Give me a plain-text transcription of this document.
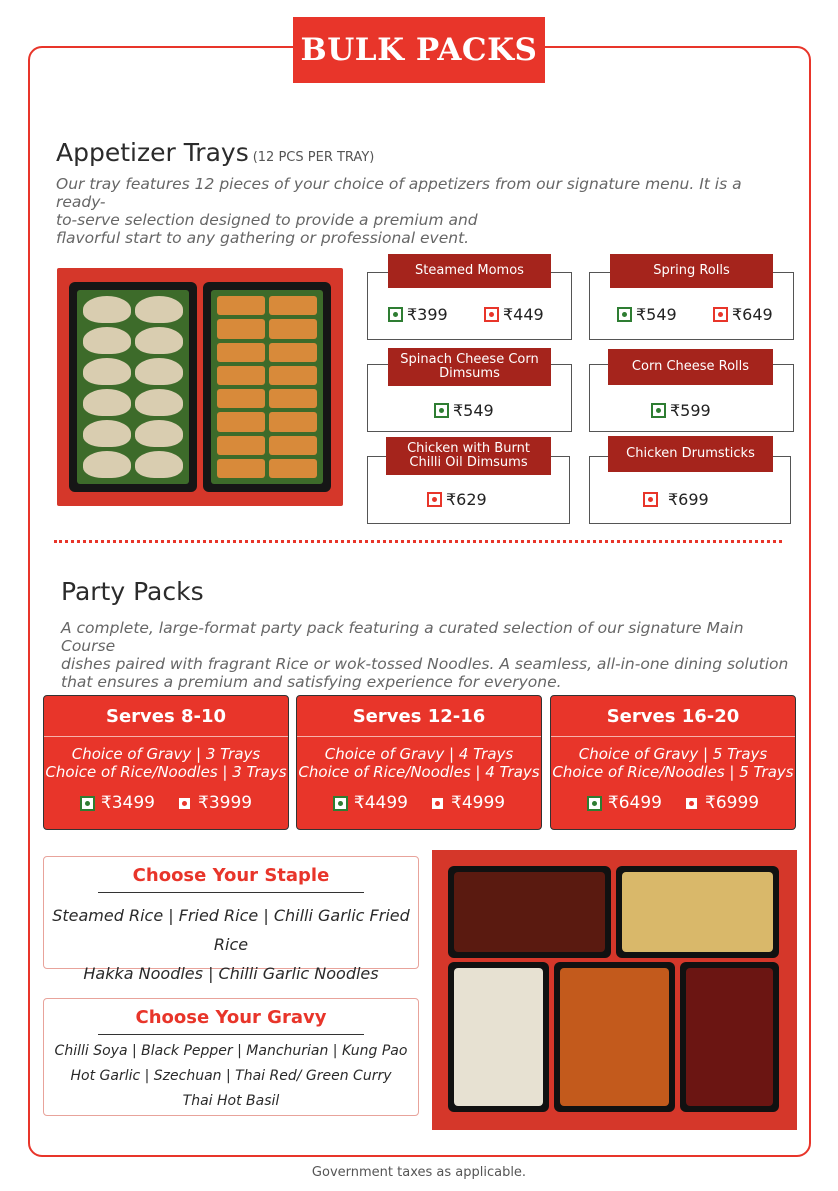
BULK PACKS
Appetizer Trays (12 PCS PER TRAY)
Our tray features 12 pieces of your choice of appetizers from our signature menu. It is a ready-
to-serve selection designed to provide a premium and
flavorful start to any gathering or professional event.
Steamed Momos
₹399	₹449
Spring Rolls
₹549	₹649
Spinach Cheese Corn
Dimsums
₹549
Corn Cheese Rolls
₹599
Chicken with Burnt
Chilli Oil Dimsums
₹629
Chicken Drumsticks
₹699
Party Packs
A complete, large-format party pack featuring a curated selection of our signature Main Course
dishes paired with fragrant Rice or wok-tossed Noodles. A seamless, all-in-one dining solution
that ensures a premium and satisfying experience for everyone.
Serves 8-10
Choice of Gravy | 3 Trays
Choice of Rice/Noodles | 3 Trays
₹3499	₹3999
Serves 12-16
Choice of Gravy | 4 Trays
Choice of Rice/Noodles | 4 Trays
₹4499	₹4999
Serves 16-20
Choice of Gravy | 5 Trays
Choice of Rice/Noodles | 5 Trays
₹6499	₹6999
Choose Your Staple
Steamed Rice | Fried Rice | Chilli Garlic Fried Rice
Hakka Noodles | Chilli Garlic Noodles
Choose Your Gravy
Chilli Soya | Black Pepper | Manchurian | Kung Pao
Hot Garlic | Szechuan | Thai Red/ Green Curry
Thai Hot Basil
Government taxes as applicable.
